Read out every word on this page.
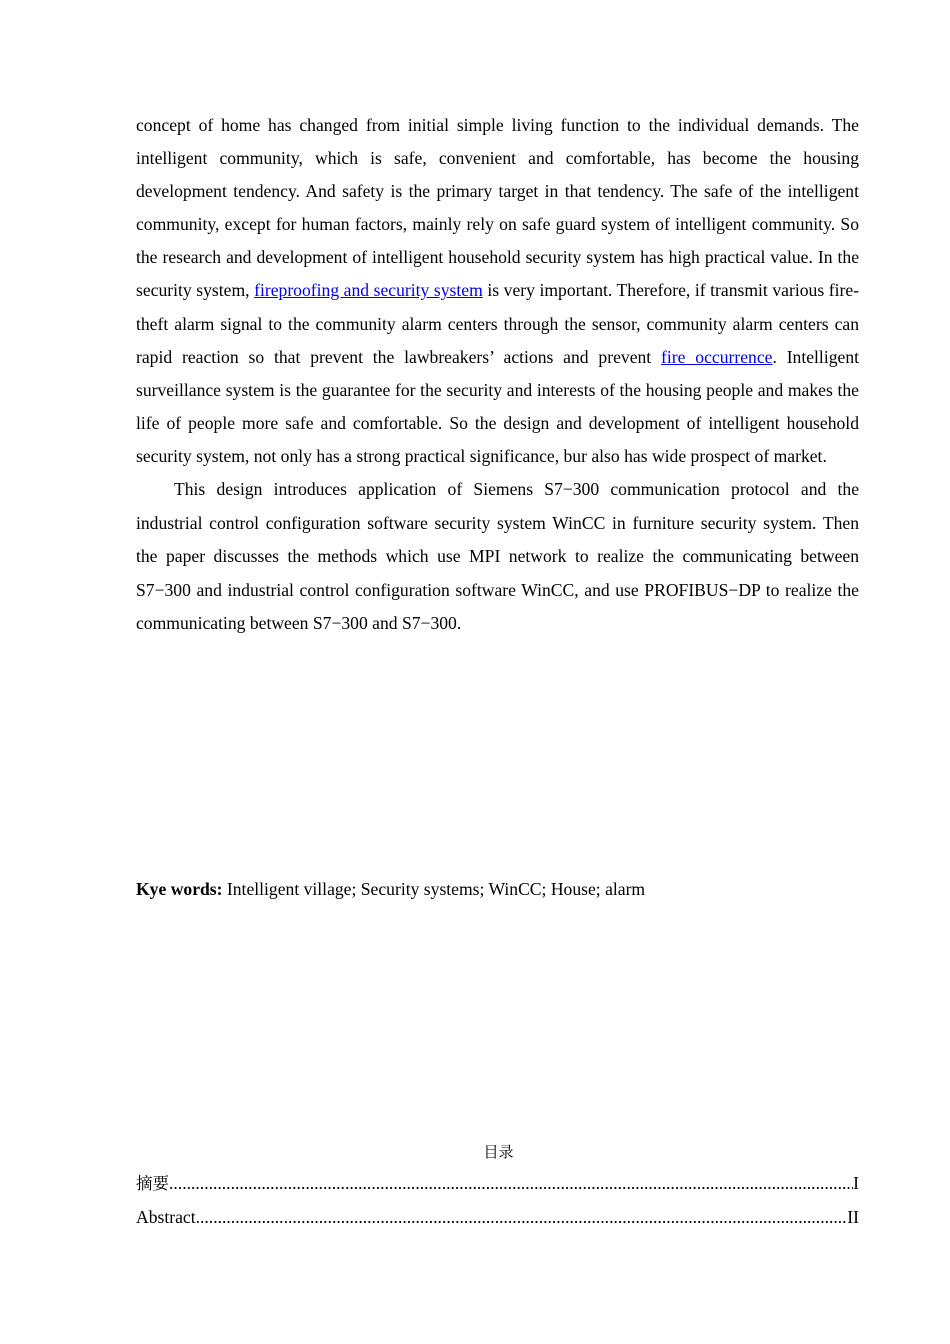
concept of home has changed from initial simple living function to the individual demands. The intelligent community, which is safe, convenient and comfortable, has become the housing development tendency. And safety is the primary target in that tendency. The safe of the intelligent community, except for human factors, mainly rely on safe guard system of intelligent community. So the research and development of intelligent household security system has high practical value. In the security system, fireproofing and security system is very important. Therefore, if transmit various fire-theft alarm signal to the community alarm centers through the sensor, community alarm centers can rapid reaction so that prevent the lawbreakers’ actions and prevent fire occurrence. Intelligent surveillance system is the guarantee for the security and interests of the housing people and makes the life of people more safe and comfortable. So the design and development of intelligent household security system, not only has a strong practical significance, bur also has wide prospect of market.

This design introduces application of Siemens S7−300 communication protocol and the industrial control configuration software security system WinCC in furniture security system. Then the paper discusses the methods which use MPI network to realize the communicating between S7−300 and industrial control configuration software WinCC, and use PROFIBUS−DP to realize the communicating between S7−300 and S7−300.

Kye words: Intelligent village; Security systems; WinCC; House; alarm

目录

摘要 .....	I
Abstract .....	II
